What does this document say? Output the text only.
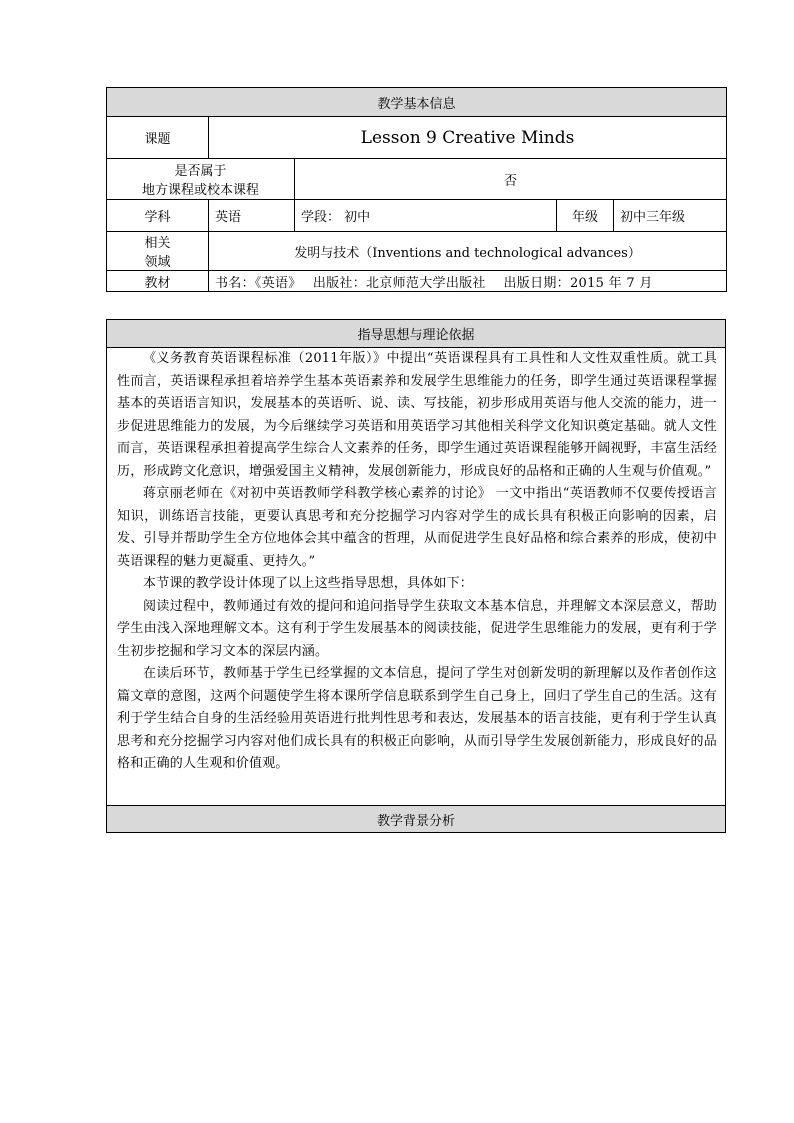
教学基本信息				
课题	Lesson 9 Creative Minds			

是否属于
地方课程或校本课程		否		
学科	英语	学段： 初中	年级	初中三年级

相关
领域	发明与技术（Inventions and technological advances）			
教材	书名：《英语》　 出版社：北京师范大学出版社　 出版日期：2015 年 7 月			
指导思想与理论依据

《义务教育英语课程标准（2011年版）》中提出“英语课程具有工具性和人文性双重性质。就工具性而言，英语课程承担着培养学生基本英语素养和发展学生思维能力的任务，即学生通过英语课程掌握基本的英语语言知识，发展基本的英语听、说、读、写技能，初步形成用英语与他人交流的能力，进一步促进思维能力的发展，为今后继续学习英语和用英语学习其他相关科学文化知识奠定基础。就人文性而言，英语课程承担着提高学生综合人文素养的任务，即学生通过英语课程能够开阔视野，丰富生活经历，形成跨文化意识，增强爱国主义精神，发展创新能力，形成良好的品格和正确的人生观与价值观。”

蒋京丽老师在《对初中英语教师学科教学核心素养的讨论》 一文中指出“英语教师不仅要传授语言知识，训练语言技能，更要认真思考和充分挖掘学习内容对学生的成长具有积极正向影响的因素，启发、引导并帮助学生全方位地体会其中蕴含的哲理，从而促进学生良好品格和综合素养的形成，使初中英语课程的魅力更凝重、更持久。”

本节课的教学设计体现了以上这些指导思想，具体如下：

阅读过程中，教师通过有效的提问和追问指导学生获取文本基本信息，并理解文本深层意义，帮助学生由浅入深地理解文本。这有利于学生发展基本的阅读技能，促进学生思维能力的发展，更有利于学生初步挖掘和学习文本的深层内涵。

在读后环节，教师基于学生已经掌握的文本信息，提问了学生对创新发明的新理解以及作者创作这篇文章的意图，这两个问题使学生将本课所学信息联系到学生自己身上，回归了学生自己的生活。这有利于学生结合自身的生活经验用英语进行批判性思考和表达，发展基本的语言技能，更有利于学生认真思考和充分挖掘学习内容对他们成长具有的积极正向影响，从而引导学生发展创新能力，形成良好的品格和正确的人生观和价值观。

教学背景分析
